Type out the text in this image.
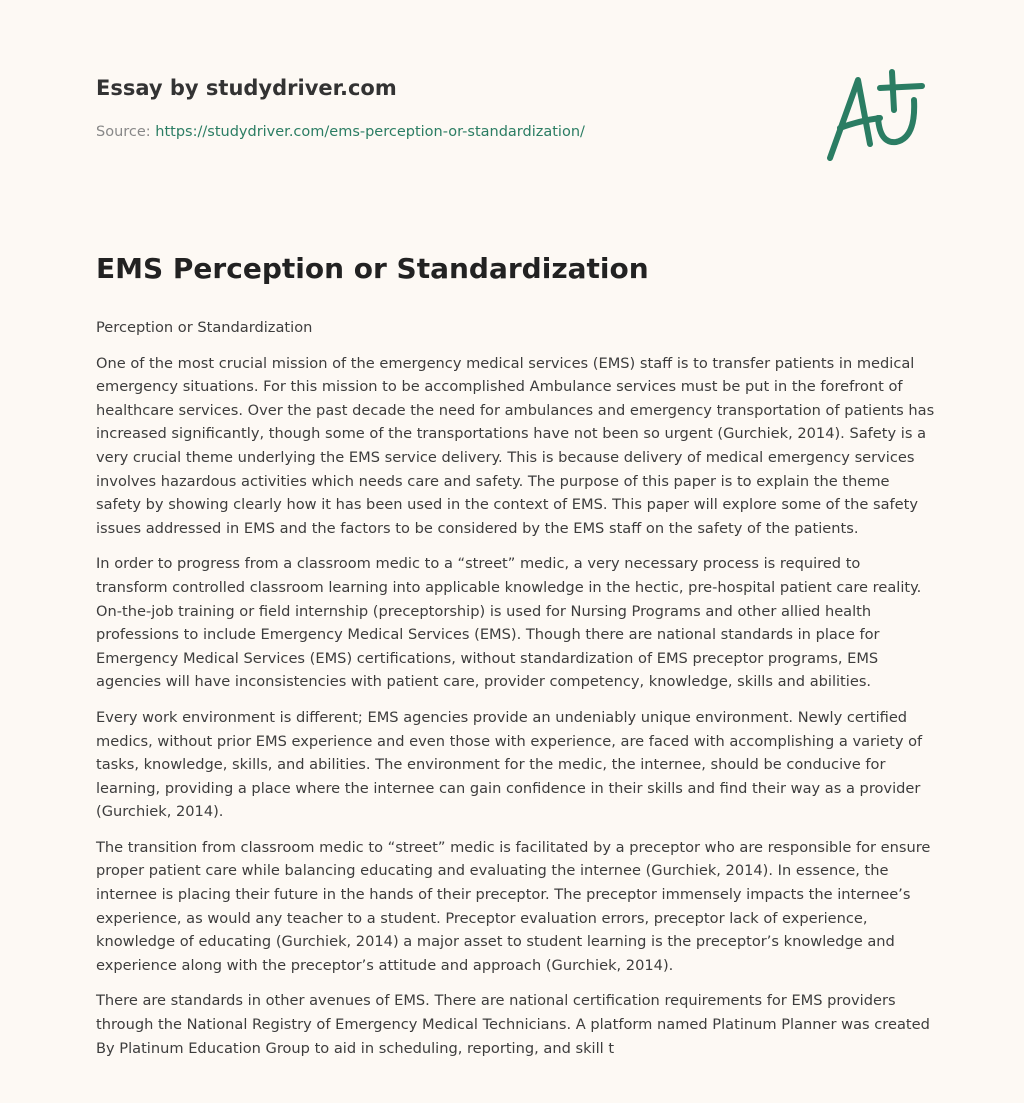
Essay by studydriver.com
Source: https://studydriver.com/ems-perception-or-standardization/
EMS Perception or Standardization

Perception or Standardization

One of the most crucial mission of the emergency medical services (EMS) staff is to transfer patients in medical emergency situations. For this mission to be accomplished Ambulance services must be put in the forefront of healthcare services. Over the past decade the need for ambulances and emergency transportation of patients has increased significantly, though some of the transportations have not been so urgent (Gurchiek, 2014). Safety is a very crucial theme underlying the EMS service delivery. This is because delivery of medical emergency services involves hazardous activities which needs care and safety. The purpose of this paper is to explain the theme safety by showing clearly how it has been used in the context of EMS. This paper will explore some of the safety issues addressed in EMS and the factors to be considered by the EMS staff on the safety of the patients.

In order to progress from a classroom medic to a “street” medic, a very necessary process is required to transform controlled classroom learning into applicable knowledge in the hectic, pre-hospital patient care reality. On-the-job training or field internship (preceptorship) is used for Nursing Programs and other allied health professions to include Emergency Medical Services (EMS). Though there are national standards in place for Emergency Medical Services (EMS) certifications, without standardization of EMS preceptor programs, EMS agencies will have inconsistencies with patient care, provider competency, knowledge, skills and abilities.

Every work environment is different; EMS agencies provide an undeniably unique environment. Newly certified medics, without prior EMS experience and even those with experience, are faced with accomplishing a variety of tasks, knowledge, skills, and abilities. The environment for the medic, the internee, should be conducive for learning, providing a place where the internee can gain confidence in their skills and find their way as a provider (Gurchiek, 2014).

The transition from classroom medic to “street” medic is facilitated by a preceptor who are responsible for ensure proper patient care while balancing educating and evaluating the internee (Gurchiek, 2014). In essence, the internee is placing their future in the hands of their preceptor. The preceptor immensely impacts the internee’s experience, as would any teacher to a student. Preceptor evaluation errors, preceptor lack of experience, knowledge of educating (Gurchiek, 2014) a major asset to student learning is the preceptor’s knowledge and experience along with the preceptor’s attitude and approach (Gurchiek, 2014).

There are standards in other avenues of EMS. There are national certification requirements for EMS providers through the National Registry of Emergency Medical Technicians. A platform named Platinum Planner was created By Platinum Education Group to aid in scheduling, reporting, and skill t
